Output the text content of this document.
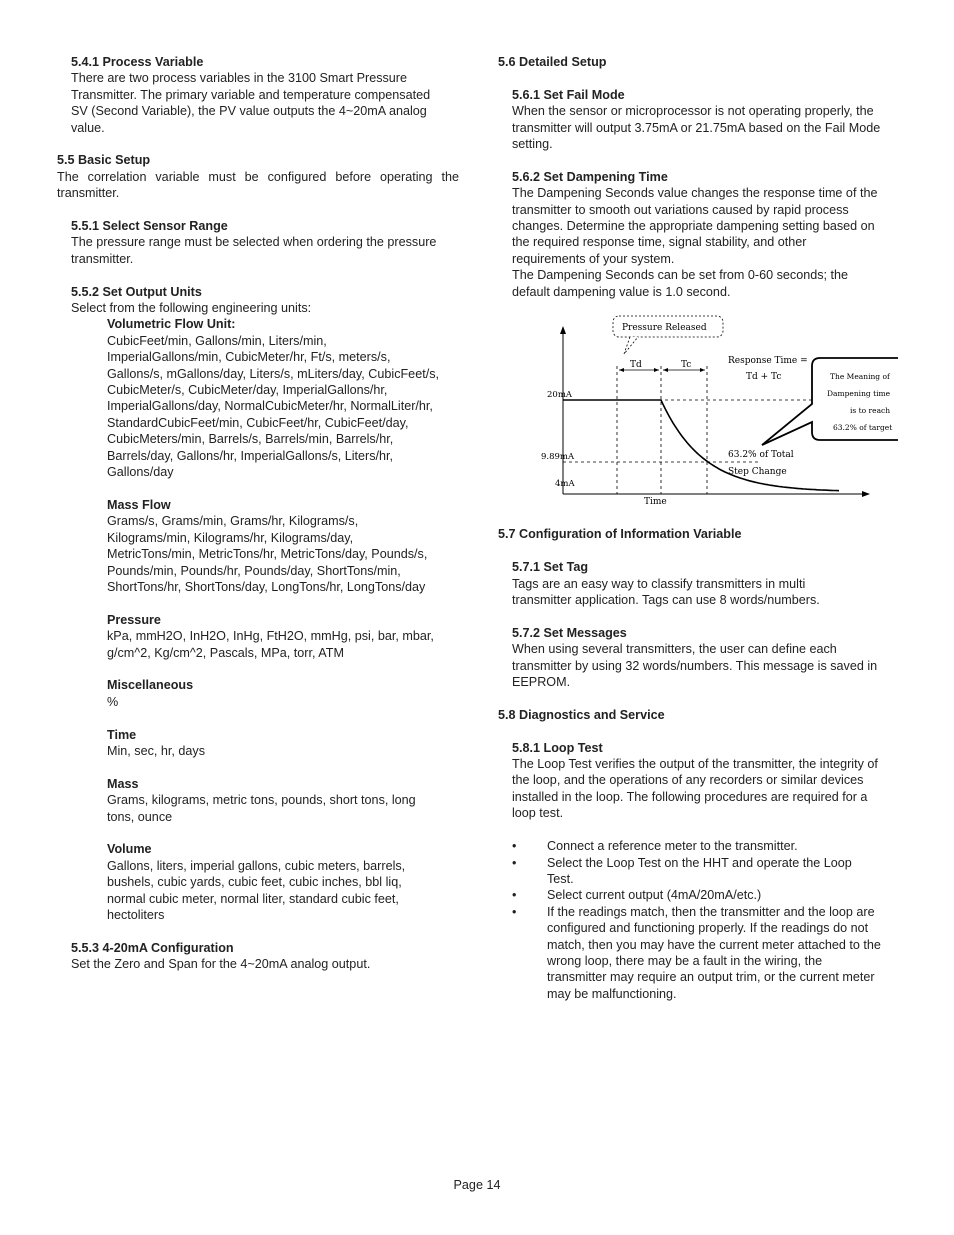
5.4.1 Process Variable

There are two process variables in the 3100 Smart Pressure

Transmitter. The primary variable and temperature compensated

SV (Second Variable), the PV value outputs the 4~20mA analog

value.

5.5 Basic Setup

The correlation variable must be configured before operating the transmitter.

5.5.1 Select Sensor Range

The pressure range must be selected when ordering the pressure

transmitter.

5.5.2 Set Output Units

Select from the following engineering units:

Volumetric Flow Unit:

CubicFeet/min, Gallons/min, Liters/min,

ImperialGallons/min, CubicMeter/hr, Ft/s, meters/s,

Gallons/s, mGallons/day, Liters/s, mLiters/day, CubicFeet/s,

CubicMeter/s, CubicMeter/day, ImperialGallons/hr,

ImperialGallons/day, NormalCubicMeter/hr, NormalLiter/hr,

StandardCubicFeet/min, CubicFeet/hr, CubicFeet/day,

CubicMeters/min, Barrels/s, Barrels/min, Barrels/hr,

Barrels/day, Gallons/hr, ImperialGallons/s, Liters/hr,

Gallons/day

Mass Flow

Grams/s, Grams/min, Grams/hr, Kilograms/s,

Kilograms/min, Kilograms/hr, Kilograms/day,

MetricTons/min, MetricTons/hr, MetricTons/day, Pounds/s,

Pounds/min, Pounds/hr, Pounds/day, ShortTons/min,

ShortTons/hr, ShortTons/day, LongTons/hr, LongTons/day

Pressure

kPa, mmH2O, InH2O, InHg, FtH2O, mmHg, psi, bar, mbar,

g/cm^2, Kg/cm^2, Pascals, MPa, torr, ATM

Miscellaneous

%

Time

Min, sec, hr, days

Mass

Grams, kilograms, metric tons, pounds, short tons, long

tons, ounce

Volume

Gallons, liters, imperial gallons, cubic meters, barrels,

bushels, cubic yards, cubic feet, cubic inches, bbl liq,

normal cubic meter, normal liter, standard cubic feet,

hectoliters

5.5.3 4-20mA Configuration

Set the Zero and Span for the 4~20mA analog output.

5.6 Detailed Setup

5.6.1 Set Fail Mode

When the sensor or microprocessor is not operating properly, the

transmitter will output 3.75mA or 21.75mA based on the Fail Mode

setting.

5.6.2 Set Dampening Time

The Dampening Seconds value changes the response time of the

transmitter to smooth out variations caused by rapid process

changes. Determine the appropriate dampening setting based on

the required response time, signal stability, and other

requirements of your system.

The Dampening Seconds can be set from 0-60 seconds; the

default dampening value is 1.0 second.

Td	Tc
20mA
9.89mA
4mA
Time
Pressure Released
Response Time =
Td + Tc	The Meaning of Dampening time is to reach 63.2% of target
63.2% of Total
Step Change

5.7 Configuration of Information Variable

5.7.1 Set Tag

Tags are an easy way to classify transmitters in multi

transmitter application. Tags can use 8 words/numbers.

5.7.2 Set Messages

When using several transmitters, the user can define each

transmitter by using 32 words/numbers. This message is saved in

EEPROM.

5.8 Diagnostics and Service

5.8.1 Loop Test

The Loop Test verifies the output of the transmitter, the integrity of

the loop, and the operations of any recorders or similar devices

installed in the loop. The following procedures are required for a

loop test.

• Connect a reference meter to the transmitter.

• Select the Loop Test on the HHT and operate the Loop

Test.

• Select current output (4mA/20mA/etc.)

• If the readings match, then the transmitter and the loop are

configured and functioning properly. If the readings do not

match, then you may have the current meter attached to the

wrong loop, there may be a fault in the wiring, the

transmitter may require an output trim, or the current meter

may be malfunctioning.

Page 14
